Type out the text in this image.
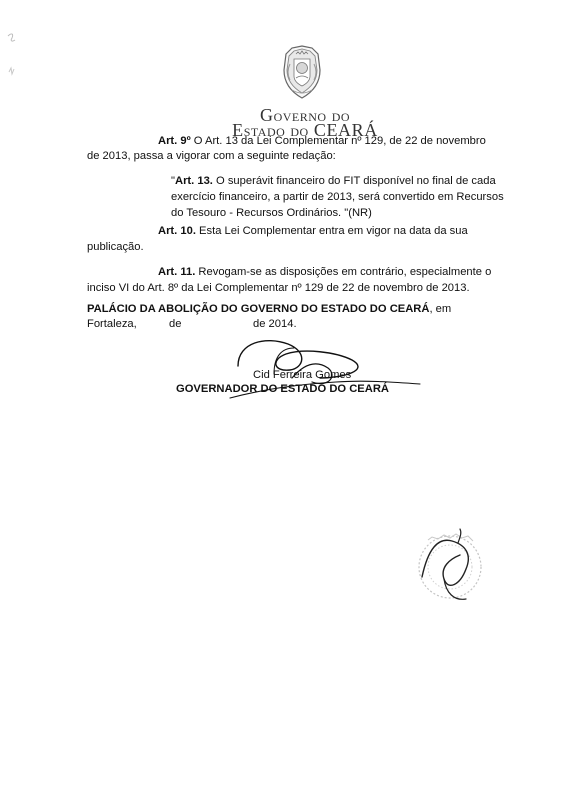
GOVERNO DO
ESTADO DO CEARÁ
Art. 9º O Art. 13 da Lei Complementar nº 129, de 22 de novembro
de 2013, passa a vigorar com a seguinte redação:
"Art. 13. O superávit financeiro do FIT disponível no final de cada
exercício financeiro, a partir de 2013, será convertido em Recursos
do Tesouro - Recursos Ordinários. "(NR)
Art. 10. Esta Lei Complementar entra em vigor na data da sua
publicação.
Art. 11. Revogam-se as disposições em contrário, especialmente o
inciso VI do Art. 8º da Lei Complementar nº 129 de 22 de novembro de 2013.
PALÁCIO DA ABOLIÇÃO DO GOVERNO DO ESTADO DO CEARÁ, em
Fortaleza,	de	de 2014.
Cid Ferreira Gomes
GOVERNADOR DO ESTADO DO CEARÁ
